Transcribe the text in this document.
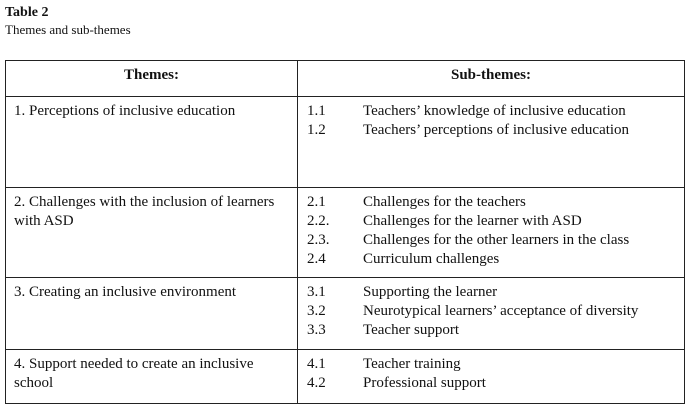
Table 2
Themes and sub-themes
Themes:	Sub-themes:
1. Perceptions of inclusive education	1.1	Teachers’ knowledge of inclusive education
1.2	Teachers’ perceptions of inclusive education
2. Challenges with the inclusion of learners with ASD
2.1	Challenges for the teachers
2.2.	Challenges for the learner with ASD
2.3.	Challenges for the other learners in the class
2.4	Curriculum challenges
3. Creating an inclusive environment	3.1	Supporting the learner
3.2	Neurotypical learners’ acceptance of diversity
3.3	Teacher support
4. Support needed to create an inclusive school
4.1	Teacher training
4.2	Professional support
